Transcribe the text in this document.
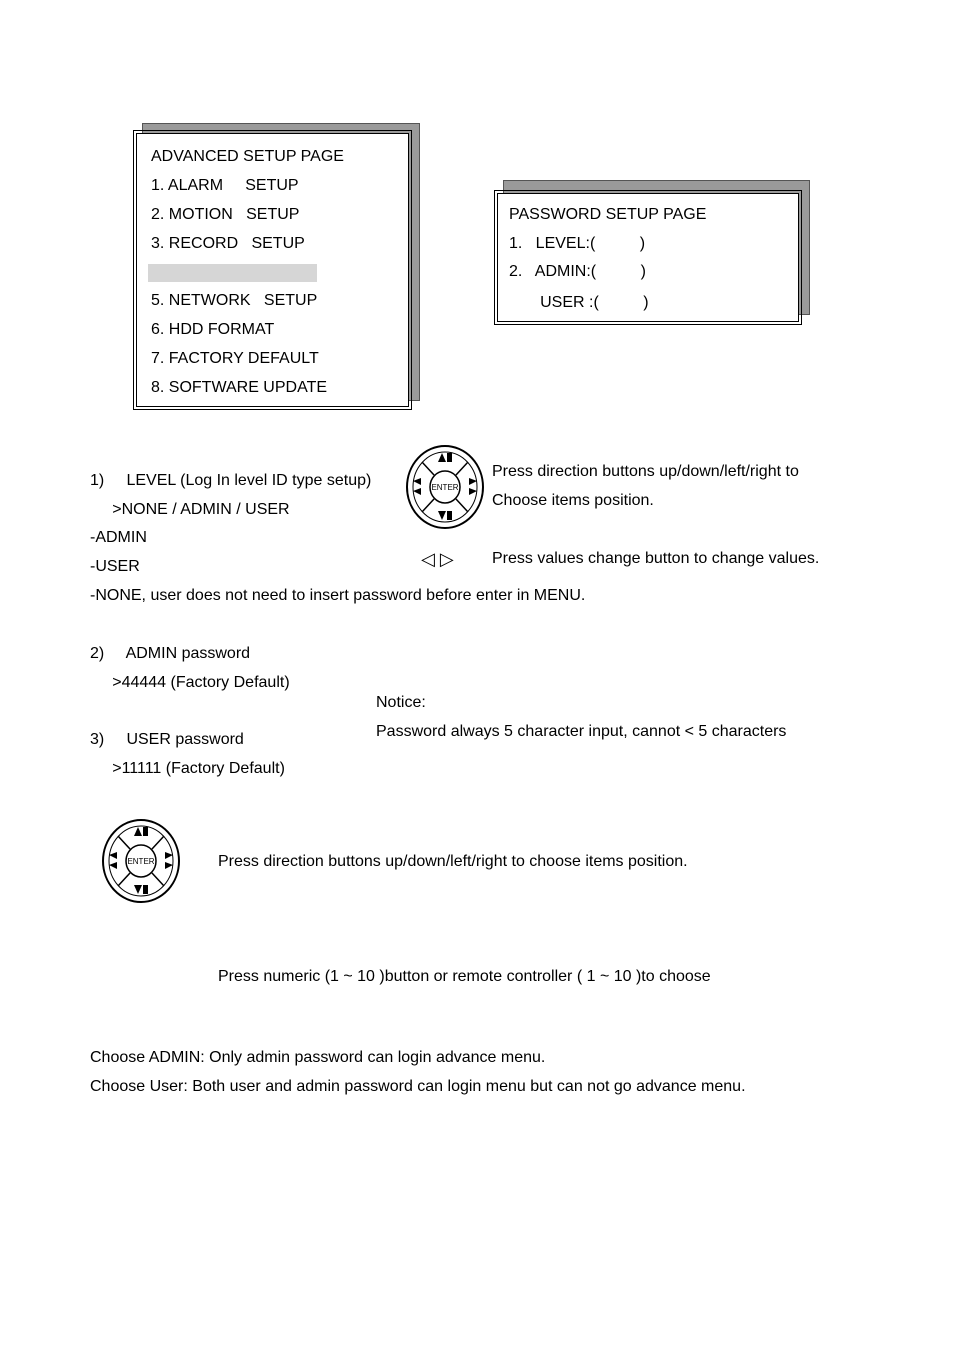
ADVANCED SETUP PAGE
1. ALARM     SETUP
2. MOTION   SETUP
3. RECORD   SETUP
5. NETWORK   SETUP
6. HDD FORMAT
7. FACTORY DEFAULT
8. SOFTWARE UPDATE
PASSWORD SETUP PAGE
1.   LEVEL:(          )
2.   ADMIN:(          )
USER :(          )
ENTER
Press direction buttons up/down/left/right to
Choose items position.
◁ ▷ Press values change button to change values.
1)     LEVEL (Log In level ID type setup)
>NONE / ADMIN / USER
-ADMIN
-USER
-NONE, user does not need to insert password before enter in MENU.
2)     ADMIN password
>44444 (Factory Default)
Notice:
Password always 5 character input, cannot < 5 characters
3)     USER password
>11111 (Factory Default)
ENTER	Press direction buttons up/down/left/right to choose items position.
Press numeric (1 ~ 10 )button or remote controller ( 1 ~ 10 )to choose
Choose ADMIN: Only admin password can login advance menu.
Choose User: Both user and admin password can login menu but can not go advance menu.
